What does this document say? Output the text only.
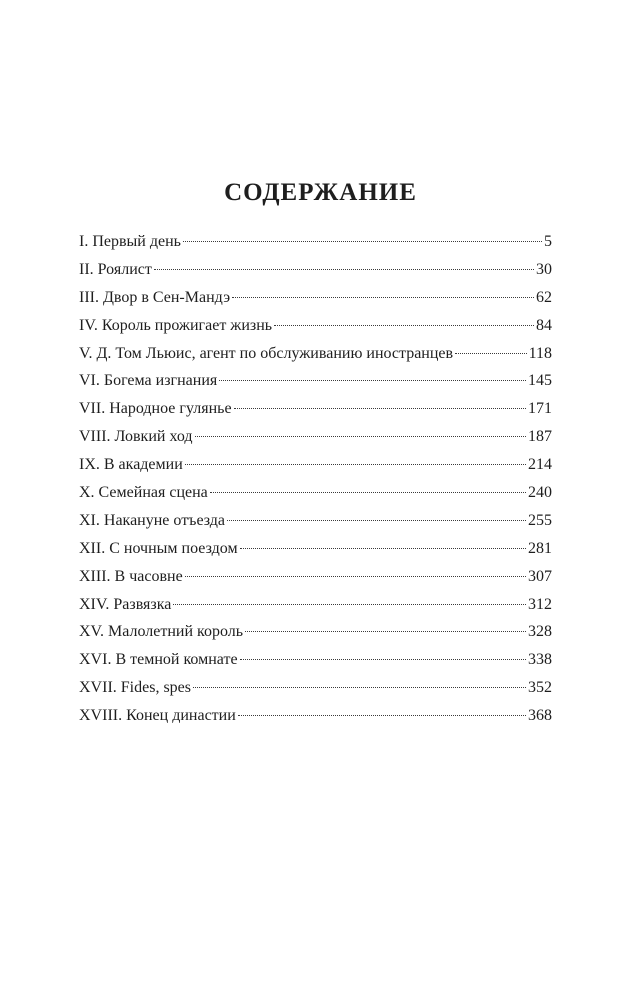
СОДЕРЖАНИЕ
I. Первый день	5
II. Роялист	30
III. Двор в Сен-Мандэ	62
IV. Король прожигает жизнь	84
V. Д. Том Льюис, агент по обслуживанию иностранцев	118
VI. Богема изгнания	145
VII. Народное гулянье	171
VIII. Ловкий ход	187
IX. В академии	214
X. Семейная сцена	240
XI. Накануне отъезда	255
XII. С ночным поездом	281
XIII. В часовне	307
XIV. Развязка	312
XV. Малолетний король	328
XVI. В темной комнате	338
XVII. Fides, spes	352
XVIII. Конец династии	368
